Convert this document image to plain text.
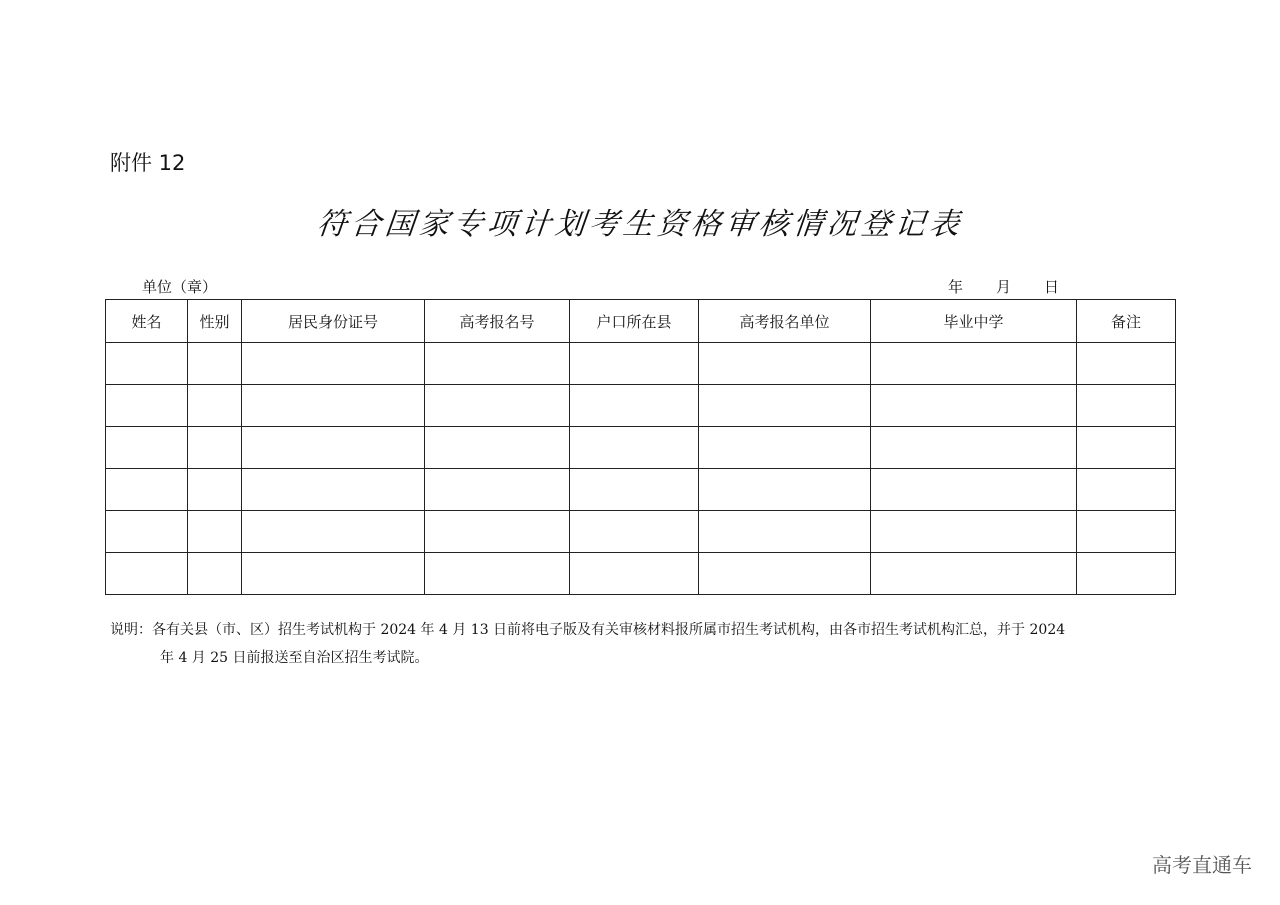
附件 12
符合国家专项计划考生资格审核情况登记表
单位（章）	年	月	日
姓名	性别	居民身份证号	高考报名号	户口所在县	高考报名单位	毕业中学	备注

说明：各有关县（市、区）招生考试机构于 2024 年 4 月 13 日前将电子版及有关审核材料报所属市招生考试机构，由各市招生考试机构汇总，并于 2024
年 4 月 25 日前报送至自治区招生考试院。
高考直通车
